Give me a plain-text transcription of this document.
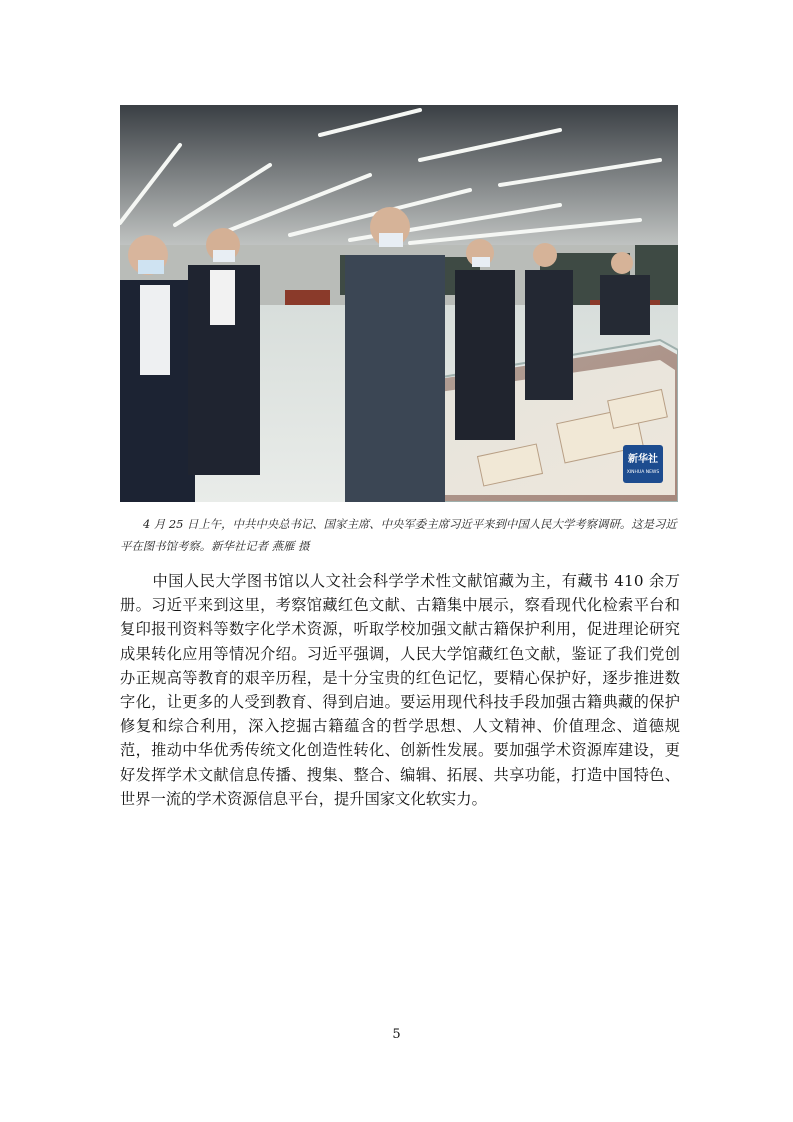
新华社
XINHUA NEWS

4 月 25 日上午，中共中央总书记、国家主席、中央军委主席习近平来到中国人民大学考察调研。这是习近平在图书馆考察。新华社记者 燕雁 摄

中国人民大学图书馆以人文社会科学学术性文献馆藏为主，有藏书 410 余万册。习近平来到这里，考察馆藏红色文献、古籍集中展示，察看现代化检索平台和复印报刊资料等数字化学术资源，听取学校加强文献古籍保护利用，促进理论研究成果转化应用等情况介绍。习近平强调，人民大学馆藏红色文献，鉴证了我们党创办正规高等教育的艰辛历程，是十分宝贵的红色记忆，要精心保护好，逐步推进数字化，让更多的人受到教育、得到启迪。要运用现代科技手段加强古籍典藏的保护修复和综合利用，深入挖掘古籍蕴含的哲学思想、人文精神、价值理念、道德规范，推动中华优秀传统文化创造性转化、创新性发展。要加强学术资源库建设，更好发挥学术文献信息传播、搜集、整合、编辑、拓展、共享功能，打造中国特色、世界一流的学术资源信息平台，提升国家文化软实力。

5
